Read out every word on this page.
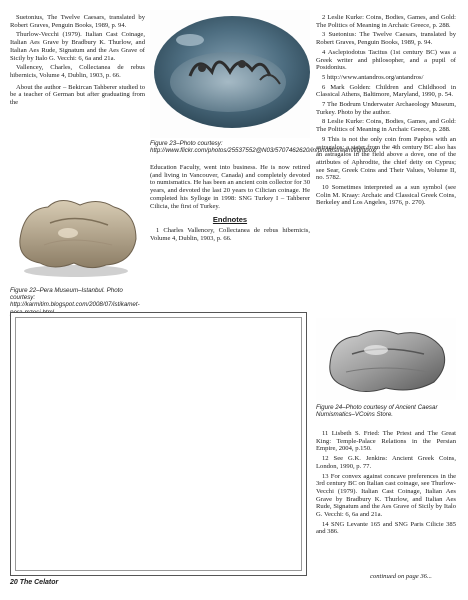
Suetonius, The Twelve Caesars, translated by Robert Graves, Penguin Books, 1989, p. 94.

Thurlow-Vecchi (1979). Italian Cast Coinage, Italian Aes Grave by Bradbury K. Thurlow, and Italian Aes Rude, Signatum and the Aes Grave of Sicily by Italo G. Vecchi: 6, 6a and 21a.

Vallencey, Charles, Collectanea de rebus hibernicis, Volume 4, Dublin, 1903, p. 66.

About the author – Bekircan Tahberer studied to be a teacher of German but after graduating from the

Figure 23–Photo courtesy: http://www.flickr.com/photos/25537552@N03/5707462620/in/photostream/lightbox/
Figure 22–Pera Museum–Istanbul. Photo courtesy: http://karmitim.blogspot.com/2008/07/istikamet-

Education Faculty, went into business. He is now retired (and living in Vancouver, Canada) and completely devoted to numismatics. He has been an ancient coin collector for 30 years, and devoted the last 20 years to Cilician coinage. He completed his Sylloge in 1998: SNG Turkey I – Tahberer Cilicia, the first of Turkey.

Endnotes

1 Charles Vallencey, Collectanea de rebus hibernicis, Volume 4, Dublin, 1903, p. 66.

2 Leslie Kurke: Coins, Bodies, Games, and Gold: The Politics of Meaning in Archaic Greece, p. 288.

3 Suetonius: The Twelve Caesars, translated by Robert Graves, Penguin Books, 1989, p. 94.

4 Asclepiodotus Tacitus (1st century BC) was a Greek writer and philosopher, and a pupil of Posidonius.

5 http://www.antandros.org/antandros/

6 Mark Golden: Children and Childhood in Classical Athens, Baltimore, Maryland, 1990, p. 54.

7 The Bodrum Underwater Archaeology Museum, Turkey. Photo by the author.

8 Leslie Kurke: Coins, Bodies, Games, and Gold: The Politics of Meaning in Archaic Greece, p. 288.

9 This is not the only coin from Paphos with an astragalos; a stater from the 4th century BC also has an astragalos in the field above a dove, one of the attributes of Aphrodite, the chief deity on Cyprus; see Sear, Greek Coins and Their Values, Volume II, no. 5782.

10 Sometimes interpreted as a sun symbol (see Colin M. Kraay: Archaic and Classical Greek Coins, Berkeley and Los Angeles, 1976, p. 270).

Figure 24–Photo courtesy of Ancient Caesar Numismatics–VCoins Store.

11 Lisbeth S. Fried: The Priest and The Great King: Temple-Palace Relations in the Persian Empire, 2004, p.150.

12 See G.K. Jenkins: Ancient Greek Coins, London, 1990, p. 77.

13 For convex against concave preferences in the 3rd century BC on Italian cast coinage, see Thurlow-Vecchi (1979). Italian Cast Coinage, Italian Aes Grave by Bradbury K. Thurlow, and Italian Aes Rude, Signatum and the Aes Grave of Sicily by Italo G. Vecchi: 6, 6a and 21a.

14 SNG Levante 165 and SNG Paris Cilicie 385 and 386.

20 The Celator
continued on page 36...
